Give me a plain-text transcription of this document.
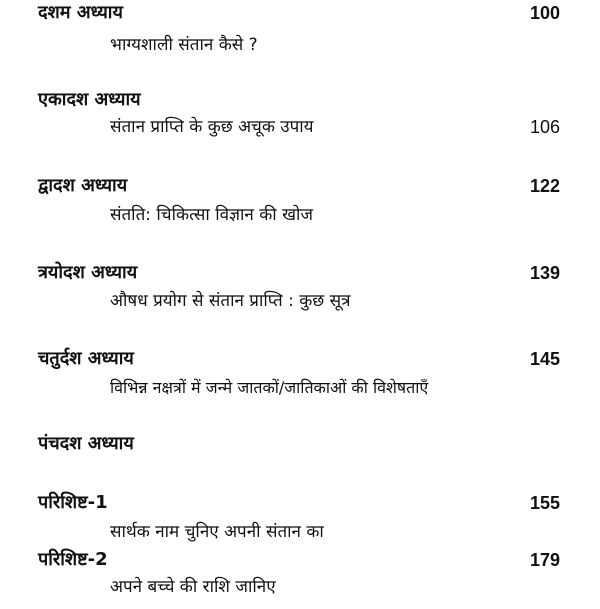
दशम अध्याय	100
भाग्यशाली संतान कैसे ?
एकादश अध्याय
संतान प्राप्ति के कुछ अचूक उपाय	106
द्वादश अध्याय	122
संतति: चिकित्सा विज्ञान की खोज
त्रयोदश अध्याय	139
औषध प्रयोग से संतान प्राप्ति : कुछ सूत्र
चतुर्दश अध्याय	145
विभिन्न नक्षत्रों में जन्मे जातकों/जातिकाओं की विशेषताएँ
पंचदश अध्याय
परिशिष्ट-1	155
सार्थक नाम चुनिए अपनी संतान का
परिशिष्ट-2	179
अपने बच्चे की राशि जानिए
